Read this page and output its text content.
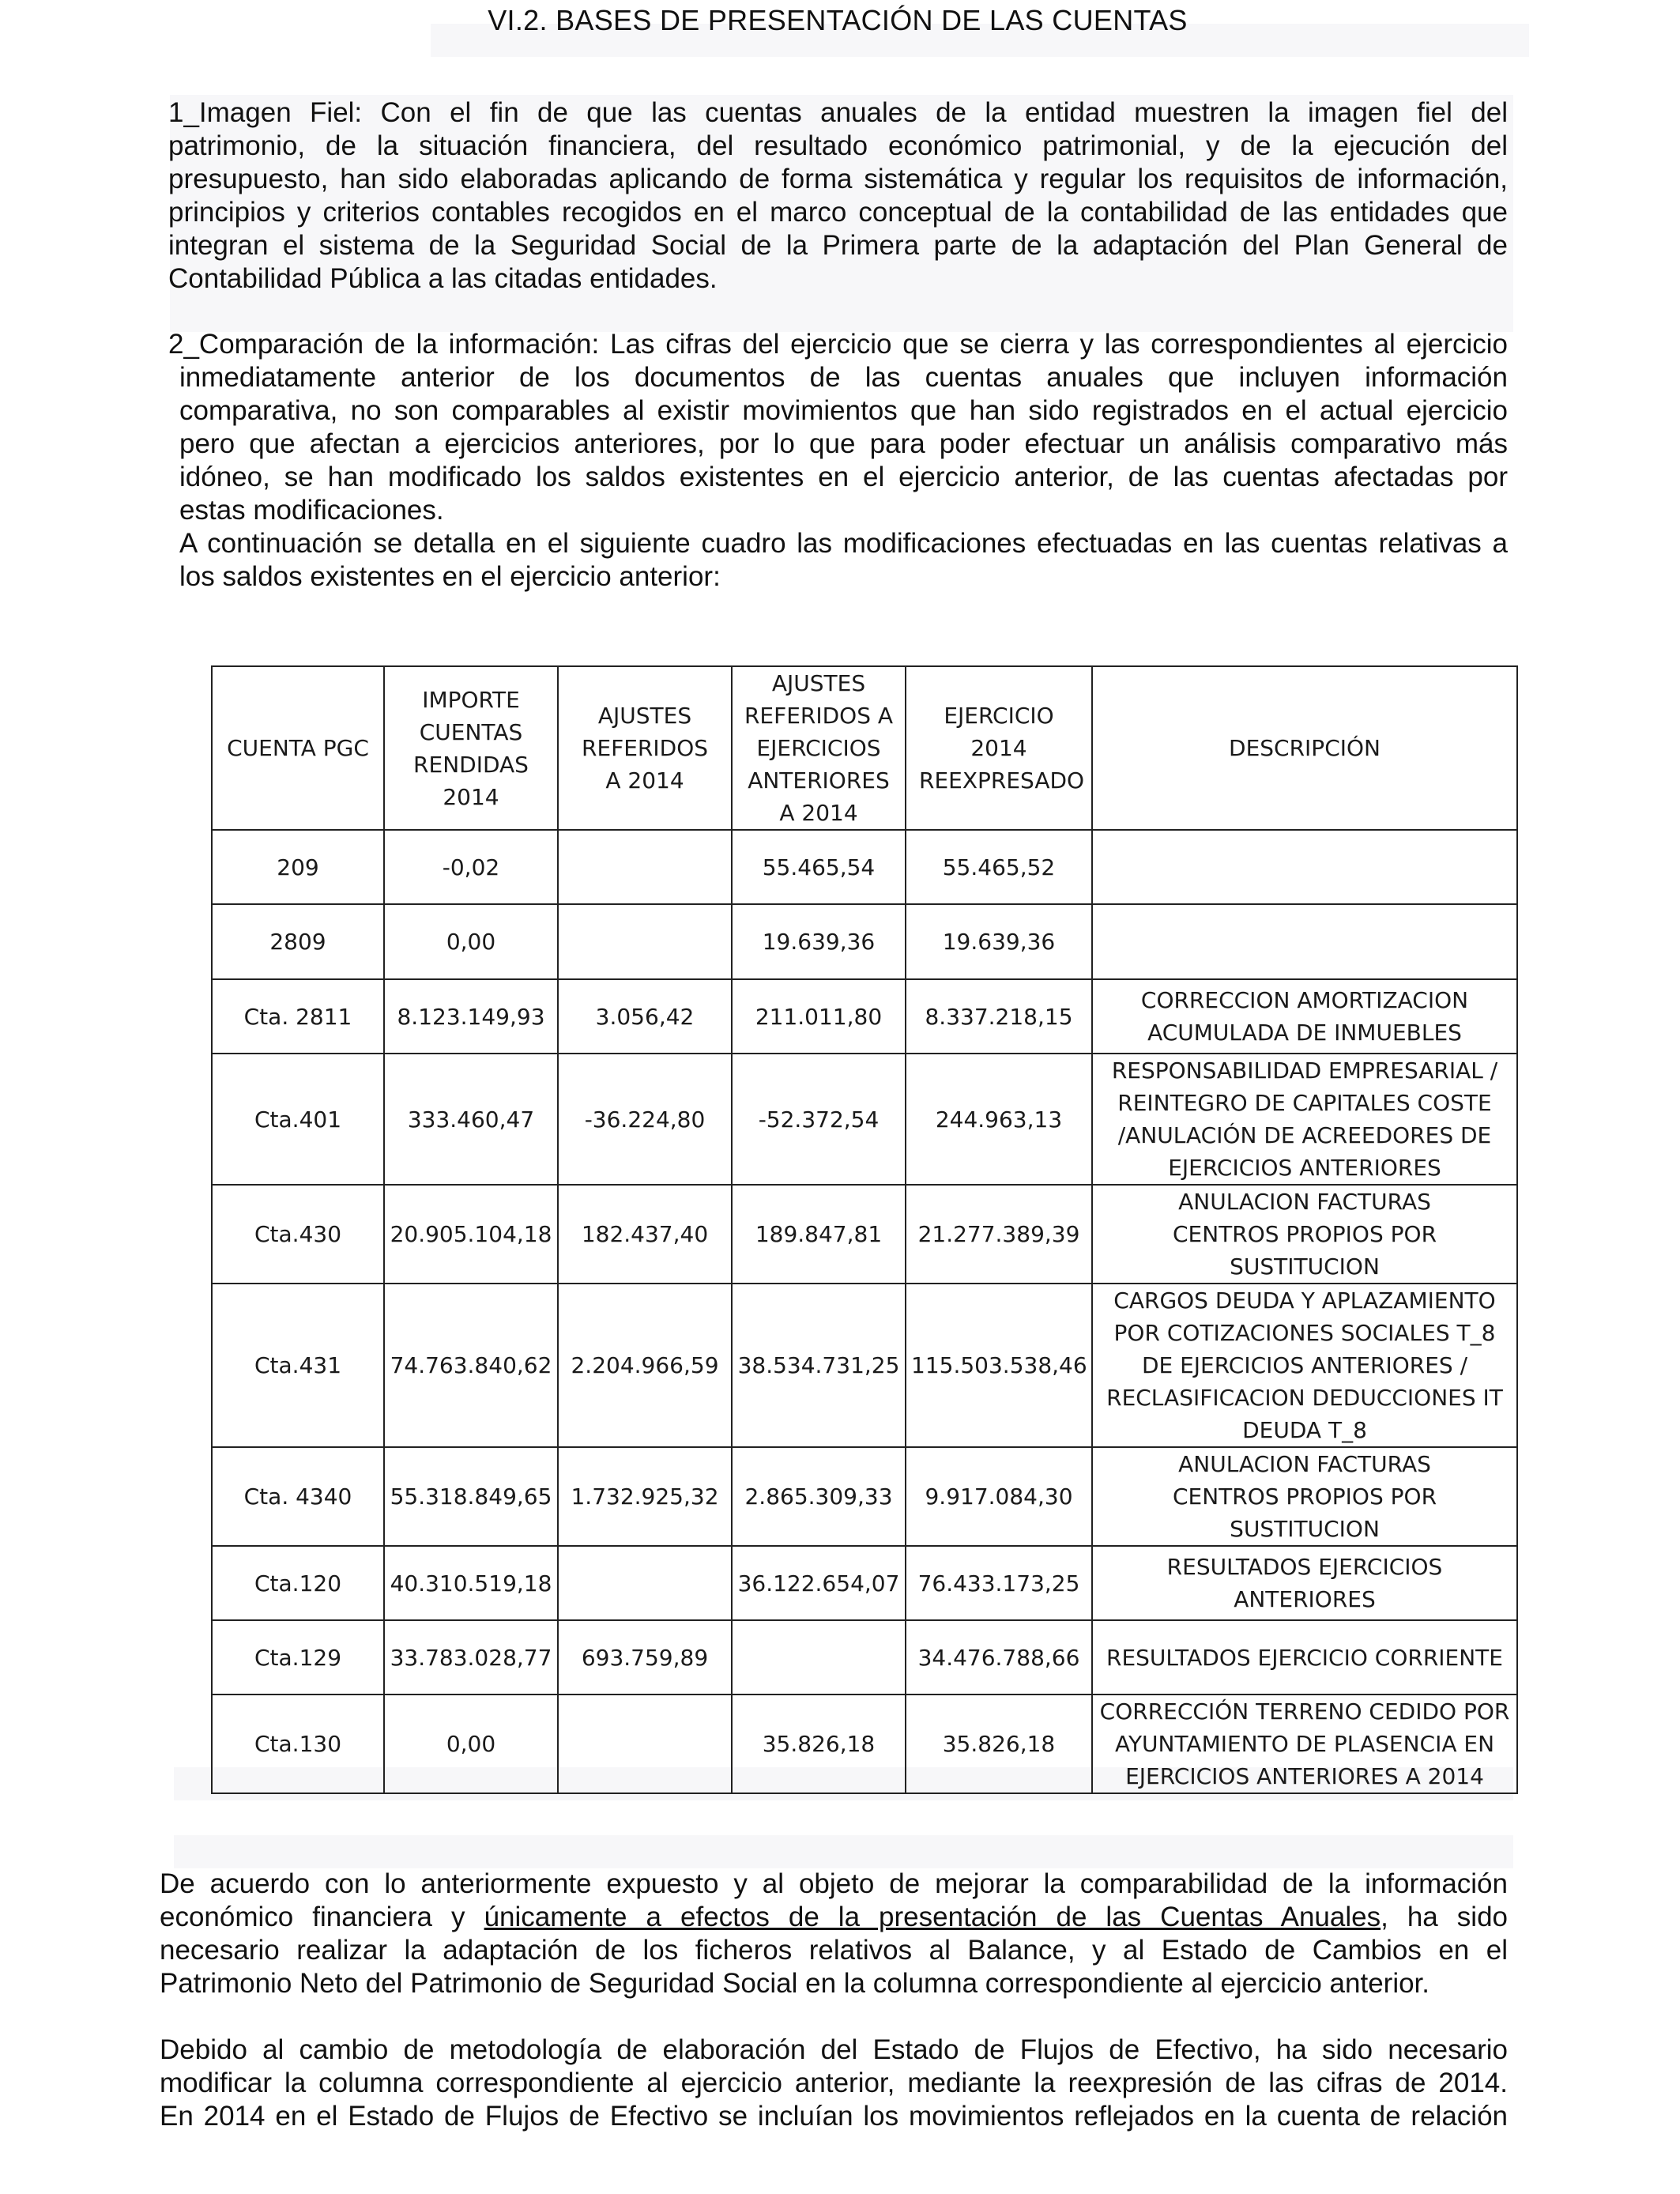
VI.2. BASES DE PRESENTACIÓN DE LAS CUENTAS
1_Imagen Fiel: Con el fin de que las cuentas anuales de la entidad muestren la imagen fiel del
patrimonio, de la situación financiera, del resultado económico patrimonial, y de la ejecución del
presupuesto, han sido elaboradas aplicando de forma sistemática y regular los requisitos de información,
principios y criterios contables recogidos en el marco conceptual de la contabilidad de las entidades que
integran el sistema de la Seguridad Social de la Primera parte de la adaptación del Plan General de
Contabilidad Pública a las citadas entidades.
2_Comparación de la información: Las cifras del ejercicio que se cierra y las correspondientes al ejercicio
inmediatamente anterior de los documentos de las cuentas anuales que incluyen información
comparativa, no son comparables al existir movimientos que han sido registrados en el actual ejercicio
pero que afectan a ejercicios anteriores, por lo que para poder efectuar un análisis comparativo más
idóneo, se han modificado los saldos existentes en el ejercicio anterior, de las cuentas afectadas por
estas modificaciones.
A continuación se detalla en el siguiente cuadro las modificaciones efectuadas en las cuentas relativas a
los saldos existentes en el ejercicio anterior:
CUENTA PGC	IMPORTE CUENTAS RENDIDAS 2014	AJUSTES REFERIDOS A 2014	AJUSTES REFERIDOS A EJERCICIOS ANTERIORES A 2014	EJERCICIO 2014 REEXPRESADO	DESCRIPCIÓN
209	-0,02		55.465,54	55.465,52	
2809	0,00		19.639,36	19.639,36	
Cta. 2811	8.123.149,93	3.056,42	211.011,80	8.337.218,15	CORRECCION AMORTIZACION ACUMULADA DE INMUEBLES
Cta.401	333.460,47	-36.224,80	-52.372,54	244.963,13	RESPONSABILIDAD EMPRESARIAL / REINTEGRO DE CAPITALES COSTE /ANULACIÓN DE ACREEDORES DE EJERCICIOS ANTERIORES
Cta.430	20.905.104,18	182.437,40	189.847,81	21.277.389,39	ANULACION FACTURAS CENTROS PROPIOS POR SUSTITUCION
Cta.431	74.763.840,62	2.204.966,59	38.534.731,25	115.503.538,46	CARGOS DEUDA Y APLAZAMIENTO POR COTIZACIONES SOCIALES T_8 DE EJERCICIOS ANTERIORES / RECLASIFICACION DEDUCCIONES IT DEUDA T_8
Cta. 4340	55.318.849,65	1.732.925,32	2.865.309,33	9.917.084,30	ANULACION FACTURAS CENTROS PROPIOS POR SUSTITUCION
Cta.120	40.310.519,18		36.122.654,07	76.433.173,25	RESULTADOS EJERCICIOS ANTERIORES
Cta.129	33.783.028,77	693.759,89		34.476.788,66	RESULTADOS EJERCICIO CORRIENTE
Cta.130	0,00		35.826,18	35.826,18	CORRECCIÓN TERRENO CEDIDO POR AYUNTAMIENTO DE PLASENCIA EN EJERCICIOS ANTERIORES A 2014
De acuerdo con lo anteriormente expuesto y al objeto de mejorar la comparabilidad de la información
económico financiera y únicamente a efectos de la presentación de las Cuentas Anuales, ha sido
necesario realizar la adaptación de los ficheros relativos al Balance, y al Estado de Cambios en el
Patrimonio Neto del Patrimonio de Seguridad Social en la columna correspondiente al ejercicio anterior.
Debido al cambio de metodología de elaboración del Estado de Flujos de Efectivo, ha sido necesario
modificar la columna correspondiente al ejercicio anterior, mediante la reexpresión de las cifras de 2014.
En 2014 en el Estado de Flujos de Efectivo se incluían los movimientos reflejados en la cuenta de relación
